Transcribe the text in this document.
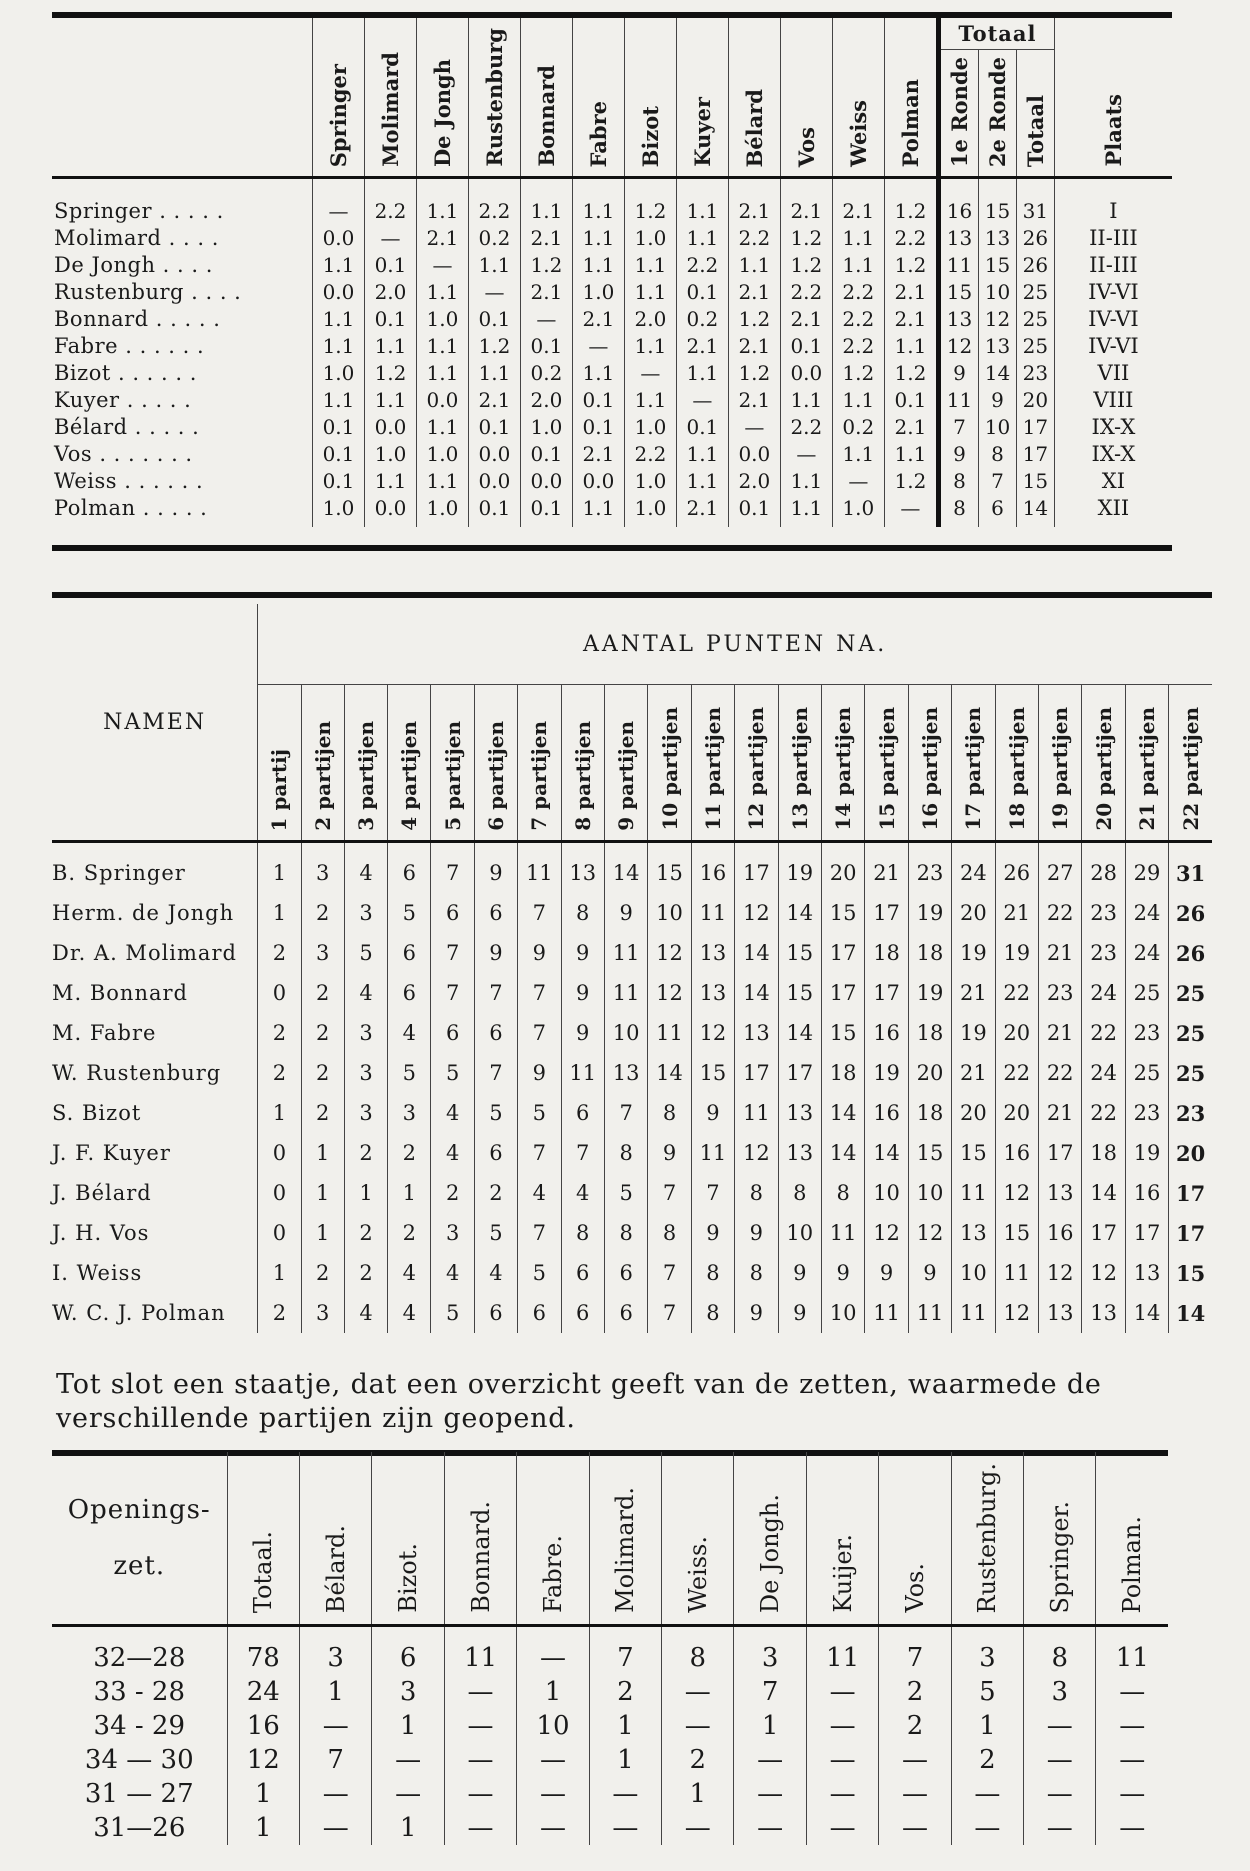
	Springer	Molimard	De Jongh	Rustenburg	Bonnard	Fabre	Bizot	Kuyer	Bélard	Vos	Weiss	Polman	Totaal			Plaats
													1e Ronde	2e Ronde	Totaal	
Springer . . . . .	—	2.2	1.1	2.2	1.1	1.1	1.2	1.1	2.1	2.1	2.1	1.2	16	15	31	I
Molimard . . . .	0.0	—	2.1	0.2	2.1	1.1	1.0	1.1	2.2	1.2	1.1	2.2	13	13	26	II-III
De Jongh . . . .	1.1	0.1	—	1.1	1.2	1.1	1.1	2.2	1.1	1.2	1.1	1.2	11	15	26	II-III
Rustenburg . . . .	0.0	2.0	1.1	—	2.1	1.0	1.1	0.1	2.1	2.2	2.2	2.1	15	10	25	IV-VI
Bonnard . . . . .	1.1	0.1	1.0	0.1	—	2.1	2.0	0.2	1.2	2.1	2.2	2.1	13	12	25	IV-VI
Fabre . . . . . .	1.1	1.1	1.1	1.2	0.1	—	1.1	2.1	2.1	0.1	2.2	1.1	12	13	25	IV-VI
Bizot . . . . . .	1.0	1.2	1.1	1.1	0.2	1.1	—	1.1	1.2	0.0	1.2	1.2	9	14	23	VII
Kuyer . . . . .	1.1	1.1	0.0	2.1	2.0	0.1	1.1	—	2.1	1.1	1.1	0.1	11	9	20	VIII
Bélard . . . . .	0.1	0.0	1.1	0.1	1.0	0.1	1.0	0.1	—	2.2	0.2	2.1	7	10	17	IX-X
Vos . . . . . . .	0.1	1.0	1.0	0.0	0.1	2.1	2.2	1.1	0.0	—	1.1	1.1	9	8	17	IX-X
Weiss . . . . . .	0.1	1.1	1.1	0.0	0.0	0.0	1.0	1.1	2.0	1.1	—	1.2	8	7	15	XI
Polman . . . . .	1.0	0.0	1.0	0.1	0.1	1.1	1.0	2.1	0.1	1.1	1.0	—	8	6	14	XII
NAMEN	AANTAL PUNTEN NA.																					
	1 partij	2 partijen	3 partijen	4 partijen	5 partijen	6 partijen	7 partijen	8 partijen	9 partijen	10 partijen	11 partijen	12 partijen	13 partijen	14 partijen	15 partijen	16 partijen	17 partijen	18 partijen	19 partijen	20 partijen	21 partijen	22 partijen
B. Springer	1	3	4	6	7	9	11	13	14	15	16	17	19	20	21	23	24	26	27	28	29	31
Herm. de Jongh	1	2	3	5	6	6	7	8	9	10	11	12	14	15	17	19	20	21	22	23	24	26
Dr. A. Molimard	2	3	5	6	7	9	9	9	11	12	13	14	15	17	18	18	19	19	21	23	24	26
M. Bonnard	0	2	4	6	7	7	7	9	11	12	13	14	15	17	17	19	21	22	23	24	25	25
M. Fabre	2	2	3	4	6	6	7	9	10	11	12	13	14	15	16	18	19	20	21	22	23	25
W. Rustenburg	2	2	3	5	5	7	9	11	13	14	15	17	17	18	19	20	21	22	22	24	25	25
S. Bizot	1	2	3	3	4	5	5	6	7	8	9	11	13	14	16	18	20	20	21	22	23	23
J. F. Kuyer	0	1	2	2	4	6	7	7	8	9	11	12	13	14	14	15	15	16	17	18	19	20
J. Bélard	0	1	1	1	2	2	4	4	5	7	7	8	8	8	10	10	11	12	13	14	16	17
J. H. Vos	0	1	2	2	3	5	7	8	8	8	9	9	10	11	12	12	13	15	16	17	17	17
I. Weiss	1	2	2	4	4	4	5	6	6	7	8	8	9	9	9	9	10	11	12	12	13	15
W. C. J. Polman	2	3	4	4	5	6	6	6	6	7	8	9	9	10	11	11	11	12	13	13	14	14

Tot slot een staatje, dat een overzicht geeft van de zetten, waarmede de verschillende partijen zijn geopend.

Openings-
zet.	Totaal.	Bélard.	Bizot.	Bonnard.	Fabre.	Molimard.	Weiss.	De Jongh.	Kuijer.	Vos.	Rustenburg.	Springer.	Polman.
32—28	78	3	6	11	—	7	8	3	11	7	3	8	11
33 - 28	24	1	3	—	1	2	—	7	—	2	5	3	—
34 - 29	16	—	1	—	10	1	—	1	—	2	1	—	—
34 — 30	12	7	—	—	—	1	2	—	—	—	2	—	—
31 — 27	1	—	—	—	—	—	1	—	—	—	—	—	—
31—26	1	—	1	—	—	—	—	—	—	—	—	—	—
